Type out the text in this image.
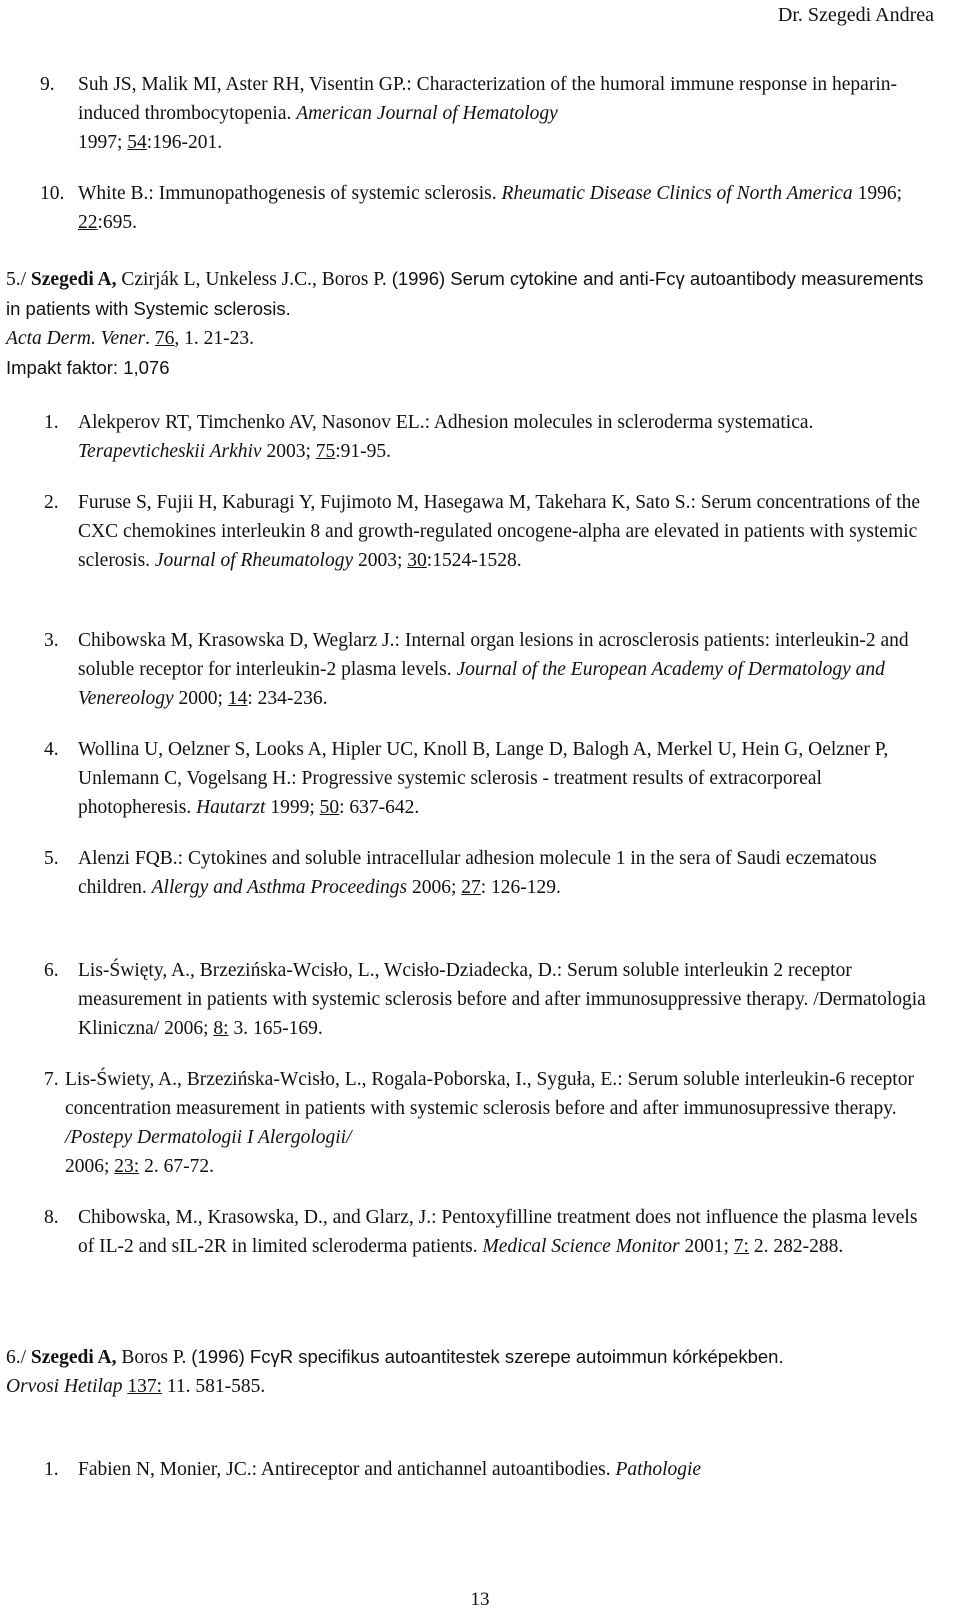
Dr. Szegedi Andrea
9. Suh JS, Malik MI, Aster RH, Visentin GP.: Characterization of the humoral immune response in heparin-induced thrombocytopenia. American Journal of Hematology
1997; 54:196-201.
10. White B.: Immunopathogenesis of systemic sclerosis. Rheumatic Disease Clinics of North America 1996; 22:695.
5./ Szegedi A, Czirják L, Unkeless J.C., Boros P. (1996) Serum cytokine and anti-Fcγ autoantibody measurements in patients with Systemic sclerosis.
Acta Derm. Vener. 76, 1. 21-23.
Impakt faktor: 1,076
1. Alekperov RT, Timchenko AV, Nasonov EL.: Adhesion molecules in scleroderma systematica. Terapevticheskii Arkhiv 2003; 75:91-95.
2. Furuse S, Fujii H, Kaburagi Y, Fujimoto M, Hasegawa M, Takehara K, Sato S.: Serum concentrations of the CXC chemokines interleukin 8 and growth-regulated oncogene-alpha are elevated in patients with systemic sclerosis. Journal of Rheumatology 2003; 30:1524-1528.
3. Chibowska M, Krasowska D, Weglarz J.: Internal organ lesions in acrosclerosis patients: interleukin-2 and soluble receptor for interleukin-2 plasma levels. Journal of the European Academy of Dermatology and Venereology 2000; 14: 234-236.
4. Wollina U, Oelzner S, Looks A, Hipler UC, Knoll B, Lange D, Balogh A, Merkel U, Hein G, Oelzner P, Unlemann C, Vogelsang H.: Progressive systemic sclerosis - treatment results of extracorporeal photopheresis. Hautarzt 1999; 50: 637-642.
5. Alenzi FQB.: Cytokines and soluble intracellular adhesion molecule 1 in the sera of Saudi eczematous children. Allergy and Asthma Proceedings 2006; 27: 126-129.
6. Lis-Święty, A., Brzezińska-Wcisło, L., Wcisło-Dziadecka, D.: Serum soluble interleukin 2 receptor measurement in patients with systemic sclerosis before and after immunosuppressive therapy. /Dermatologia Kliniczna/ 2006; 8: 3. 165-169.
7. Lis-Świety, A., Brzezińska-Wcisło, L., Rogala-Poborska, I., Syguła, E.: Serum soluble interleukin-6 receptor concentration measurement in patients with systemic sclerosis before and after immunosupressive therapy. /Postepy Dermatologii I Alergologii/
2006; 23: 2. 67-72.
8. Chibowska, M., Krasowska, D., and Glarz, J.: Pentoxyfilline treatment does not influence the plasma levels of IL-2 and sIL-2R in limited scleroderma patients. Medical Science Monitor 2001; 7: 2. 282-288.
6./ Szegedi A, Boros P. (1996) FcγR specifikus autoantitestek szerepe autoimmun kórképekben.
Orvosi Hetilap 137: 11. 581-585.
1. Fabien N, Monier, JC.: Antireceptor and antichannel autoantibodies. Pathologie
13
